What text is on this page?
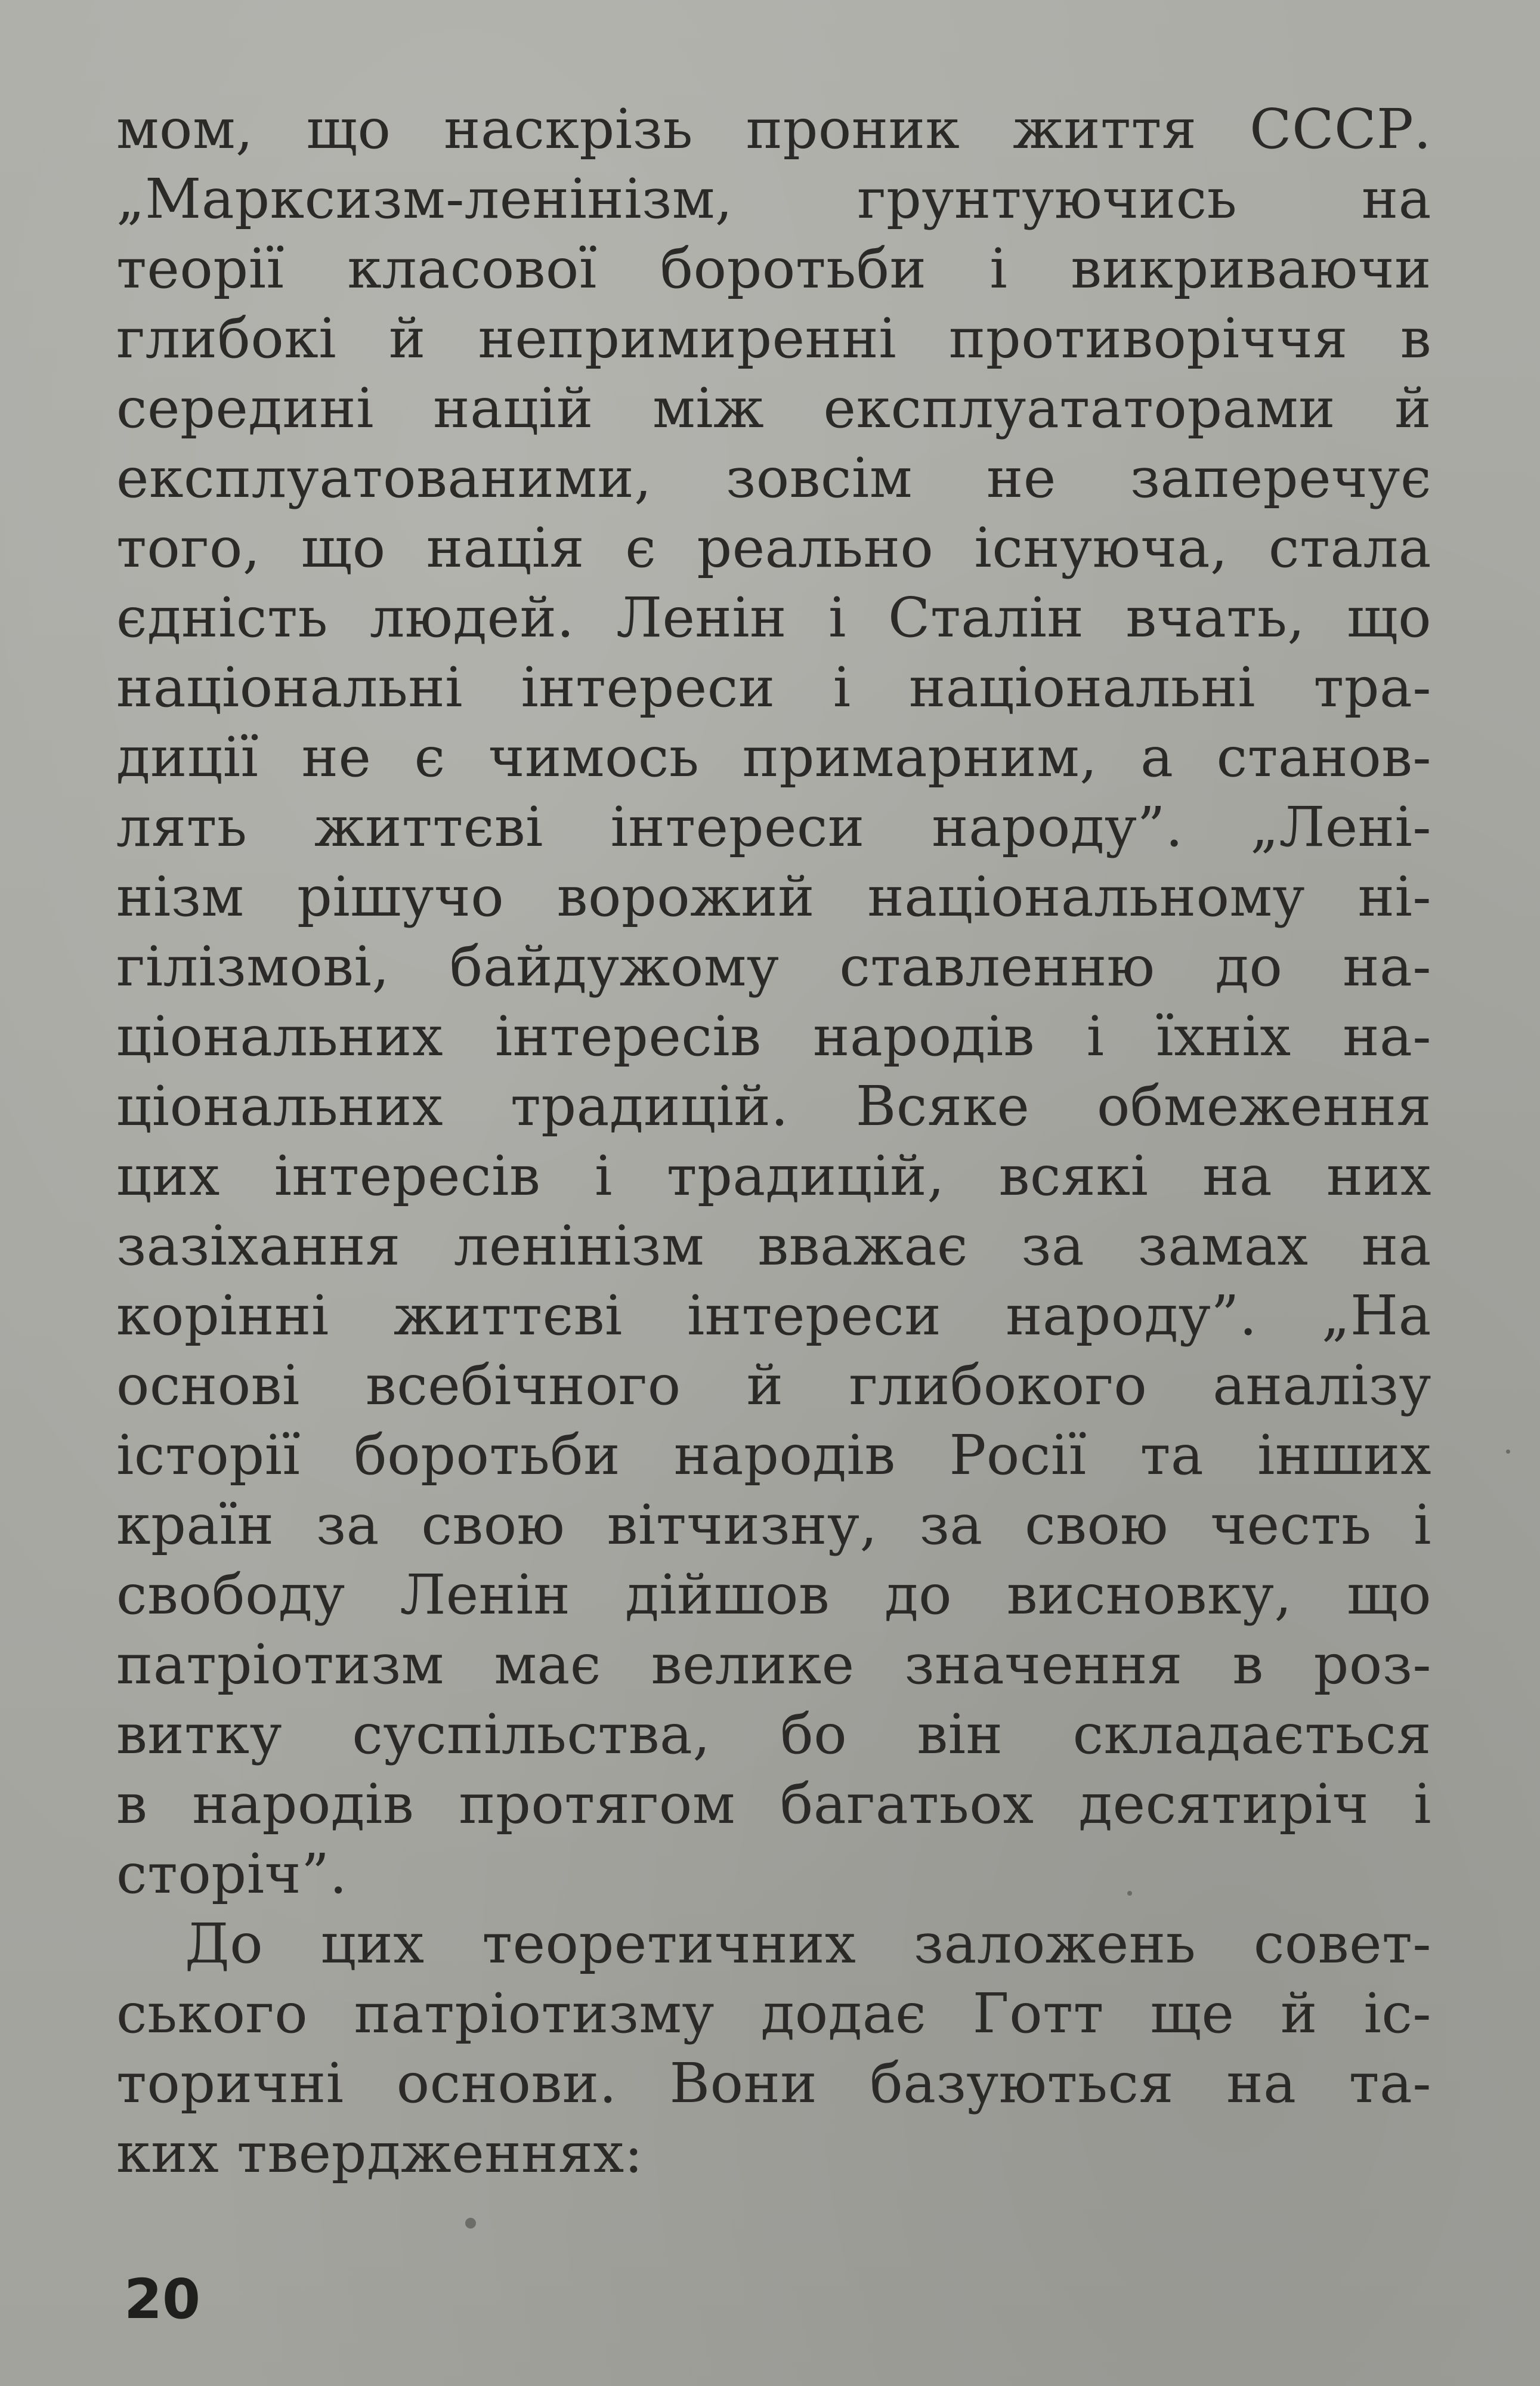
мом, що наскрізь проник життя СССР.
„Марксизм-ленінізм, грунтуючись на
теорії класової боротьби і викриваючи
глибокі й непримиренні противоріччя в
середині націй між експлуататорами й
експлуатованими, зовсім не заперечує
того, що нація є реально існуюча, стала
єдність людей. Ленін і Сталін вчать, що
національні інтереси і національні тра-
диції не є чимось примарним, а станов-
лять життєві інтереси народу”. „Лені-
нізм рішучо ворожий національному ні-
гілізмові, байдужому ставленню до на-
ціональних інтересів народів і їхніх на-
ціональних традицій. Всяке обмеження
цих інтересів і традицій, всякі на них
зазіхання ленінізм вважає за замах на
корінні життєві інтереси народу”. „На
основі всебічного й глибокого аналізу
історії боротьби народів Росії та інших
країн за свою вітчизну, за свою честь і
свободу Ленін дійшов до висновку, що
патріотизм має велике значення в роз-
витку суспільства, бо він складається
в народів протягом багатьох десятиріч і
сторіч”.
До цих теоретичних заложень совет-
ського патріотизму додає Готт ще й іс-
торичні основи. Вони базуються на та-
ких твердженнях:
20
